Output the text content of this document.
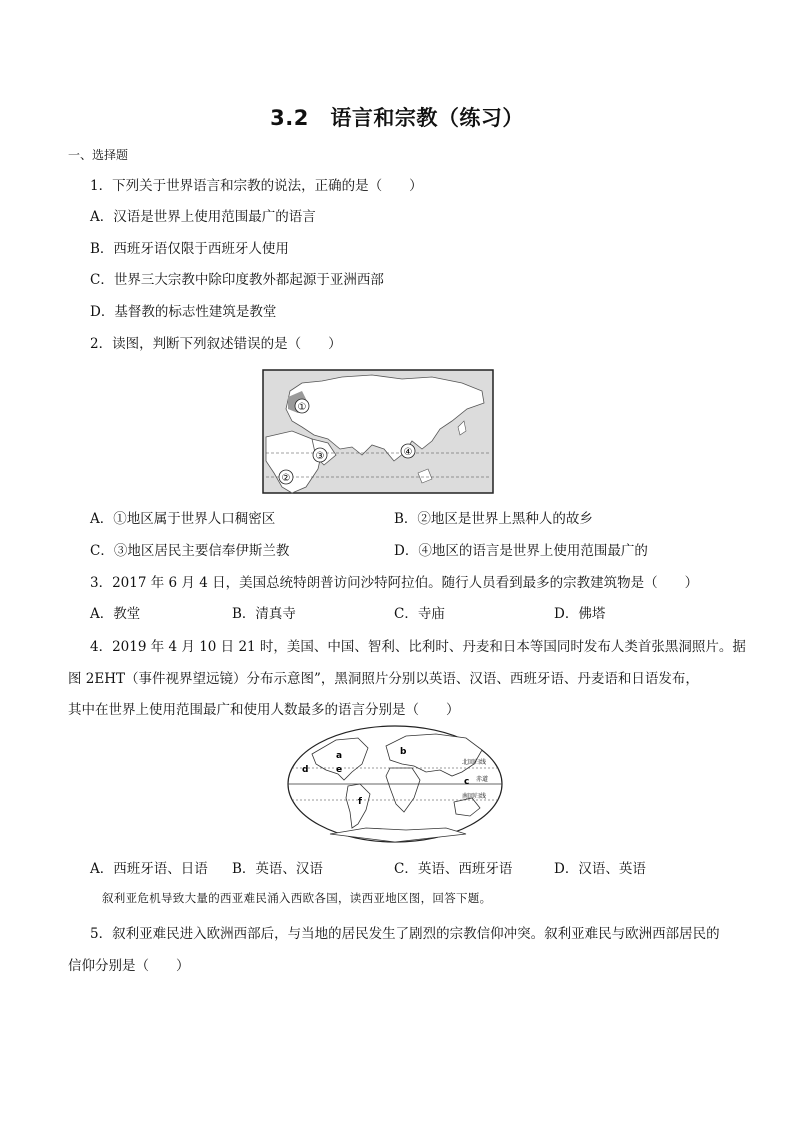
3.2　语言和宗教（练习）
一、选择题
1．下列关于世界语言和宗教的说法，正确的是（　　）
A．汉语是世界上使用范围最广的语言
B．西班牙语仅限于西班牙人使用
C．世界三大宗教中除印度教外都起源于亚洲西部
D．基督教的标志性建筑是教堂
2．读图，判断下列叙述错误的是（　　）
①
②
③	④
A．①地区属于世界人口稠密区	B．②地区是世界上黑种人的故乡
C．③地区居民主要信奉伊斯兰教	D．④地区的语言是世界上使用范围最广的
3．2017 年 6 月 4 日，美国总统特朗普访问沙特阿拉伯。随行人员看到最多的宗教建筑物是（　　）
A．教堂	B．清真寺	C．寺庙	D．佛塔
4．2019 年 4 月 10 日 21 时，美国、中国、智利、比利时、丹麦和日本等国同时发布人类首张黑洞照片。据
图 2EHT（事件视界望远镜）分布示意图”，黑洞照片分别以英语、汉语、西班牙语、丹麦语和日语发布，
其中在世界上使用范围最广和使用人数最多的语言分别是（　　）
北回归线
赤道
南回归线
a	b
c
d	e
f
A．西班牙语、日语 B．英语、汉语	C．英语、西班牙语	D．汉语、英语
叙利亚危机导致大量的西亚难民涌入西欧各国，读西亚地区图，回答下题。
5．叙利亚难民进入欧洲西部后，与当地的居民发生了剧烈的宗教信仰冲突。叙利亚难民与欧洲西部居民的
信仰分别是（　　）
